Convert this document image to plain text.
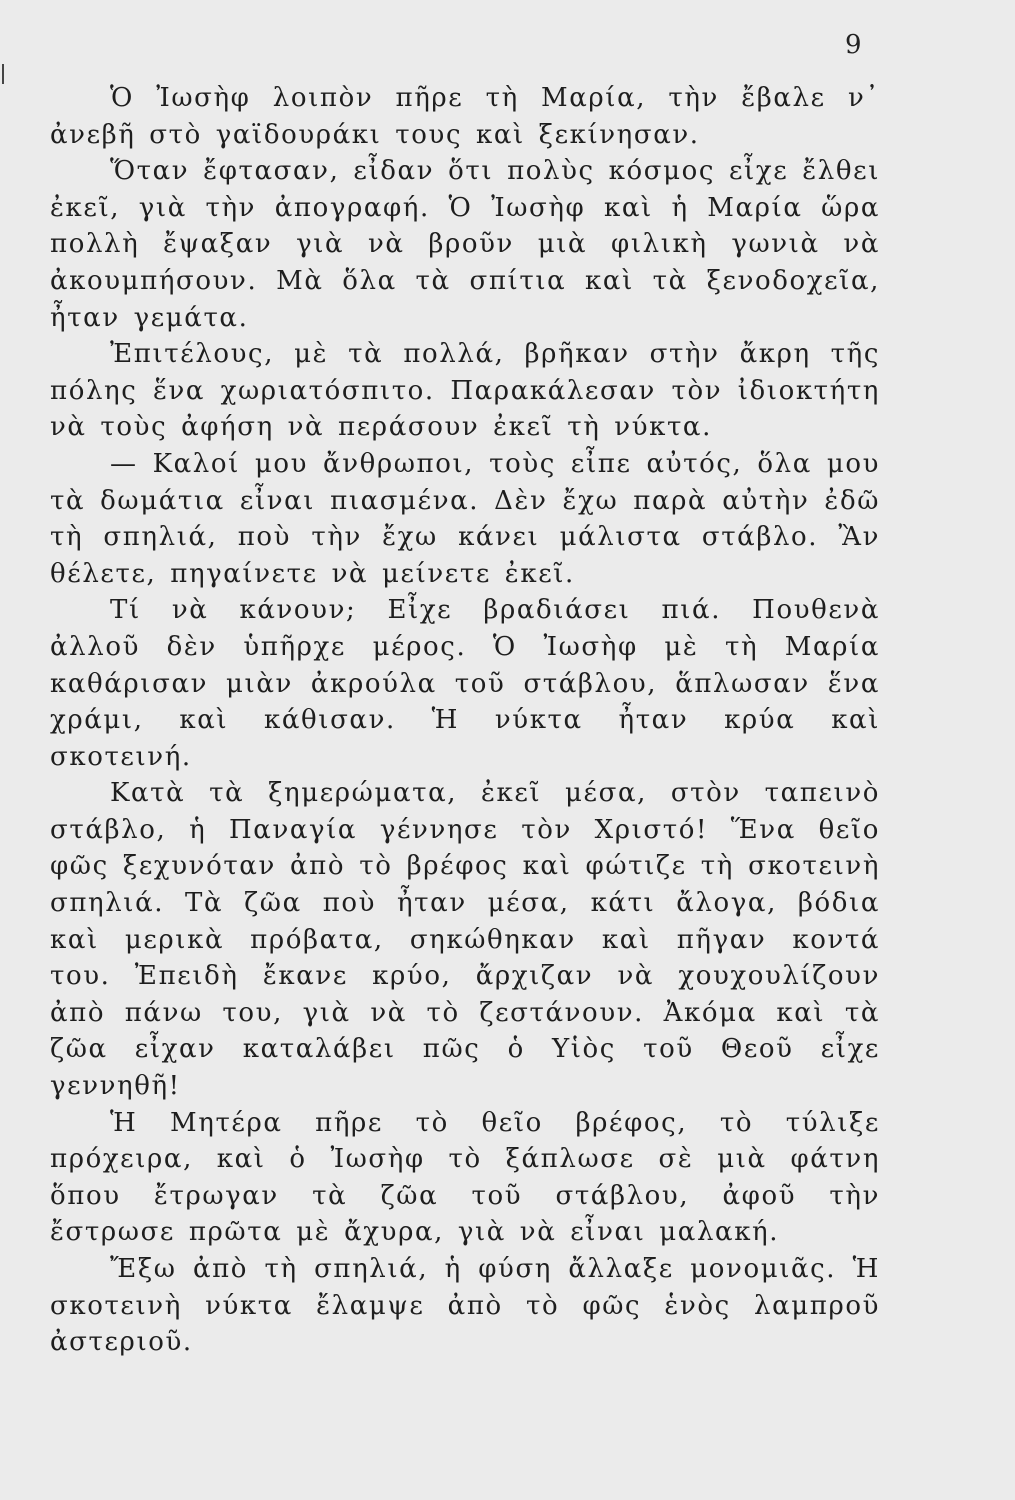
9

Ὁ Ἰωσὴφ λοιπὸν πῆρε τὴ Μαρία, τὴν ἔβαλε ν᾿ ἀνεβῆ στὸ γαϊδουράκι τους καὶ ξεκίνησαν.

Ὅταν ἔφτασαν, εἶδαν ὅτι πολὺς κόσμος εἶχε ἔλθει ἐκεῖ, γιὰ τὴν ἀπογραφή. Ὁ Ἰωσὴφ καὶ ἡ Μαρία ὥρα πολλὴ ἔψαξαν γιὰ νὰ βροῦν μιὰ φιλικὴ γωνιὰ νὰ ἀκουμπήσουν. Μὰ ὅλα τὰ σπίτια καὶ τὰ ξενοδοχεῖα, ἦταν γεμάτα.

Ἐπιτέλους, μὲ τὰ πολλά, βρῆκαν στὴν ἄκρη τῆς πόλης ἕνα χωριατόσπιτο. Παρακάλεσαν τὸν ἰδιοκτήτη νὰ τοὺς ἀφήση νὰ περάσουν ἐκεῖ τὴ νύκτα.

— Καλοί μου ἄνθρωποι, τοὺς εἶπε αὐτός, ὅλα μου τὰ δωμάτια εἶναι πιασμένα. Δὲν ἔχω παρὰ αὐτὴν ἐδῶ τὴ σπηλιά, ποὺ τὴν ἔχω κάνει μάλιστα στάβλο. Ἂν θέλετε, πηγαίνετε νὰ μείνετε ἐκεῖ.

Τί νὰ κάνουν; Εἶχε βραδιάσει πιά. Πουθενὰ ἀλλοῦ δὲν ὑπῆρχε μέρος. Ὁ Ἰωσὴφ μὲ τὴ Μαρία καθάρισαν μιὰν ἀκρούλα τοῦ στάβλου, ἅπλωσαν ἕνα χράμι, καὶ κάθισαν. Ἡ νύκτα ἦταν κρύα καὶ σκοτεινή.

Κατὰ τὰ ξημερώματα, ἐκεῖ μέσα, στὸν ταπεινὸ στάβλο, ἡ Παναγία γέννησε τὸν Χριστό! Ἕνα θεῖο φῶς ξεχυνόταν ἀπὸ τὸ βρέφος καὶ φώτιζε τὴ σκοτεινὴ σπηλιά. Τὰ ζῶα ποὺ ἦταν μέσα, κάτι ἄλογα, βόδια καὶ μερικὰ πρόβατα, σηκώθηκαν καὶ πῆγαν κοντά του. Ἐπειδὴ ἔκανε κρύο, ἄρχιζαν νὰ χουχουλίζουν ἀπὸ πάνω του, γιὰ νὰ τὸ ζεστάνουν. Ἀκόμα καὶ τὰ ζῶα εἶχαν καταλάβει πῶς ὁ Υἱὸς τοῦ Θεοῦ εἶχε γεννηθῆ!

Ἡ Μητέρα πῆρε τὸ θεῖο βρέφος, τὸ τύλιξε πρόχειρα, καὶ ὁ Ἰωσὴφ τὸ ξάπλωσε σὲ μιὰ φάτνη ὅπου ἔτρωγαν τὰ ζῶα τοῦ στάβλου, ἀφοῦ τὴν ἔστρωσε πρῶτα μὲ ἄχυρα, γιὰ νὰ εἶναι μαλακή.

Ἔξω ἀπὸ τὴ σπηλιά, ἡ φύση ἄλλαξε μονομιᾶς. Ἡ σκοτεινὴ νύκτα ἔλαμψε ἀπὸ τὸ φῶς ἑνὸς λαμπροῦ ἀστεριοῦ.
